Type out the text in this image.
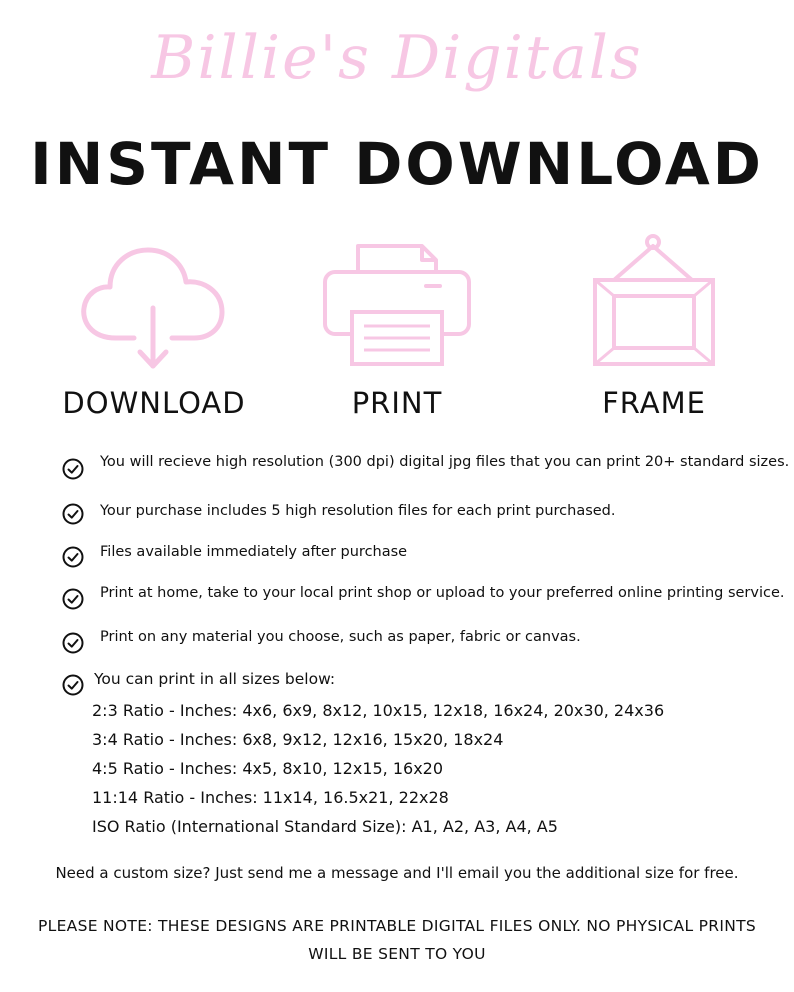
Billie's Digitals
INSTANT DOWNLOAD
DOWNLOAD	PRINT	FRAME
You will recieve high resolution (300 dpi) digital jpg files that you can print 20+ standard sizes.
Your purchase includes 5 high resolution files for each print purchased.
Files available immediately after purchase
Print at home, take to your local print shop or upload to your preferred online printing service.
Print on any material you choose, such as paper, fabric or canvas.
You can print in all sizes below:
2:3 Ratio - Inches: 4x6, 6x9, 8x12, 10x15, 12x18, 16x24, 20x30, 24x36
3:4 Ratio - Inches: 6x8, 9x12, 12x16, 15x20, 18x24
4:5 Ratio - Inches: 4x5, 8x10, 12x15, 16x20
11:14 Ratio - Inches: 11x14, 16.5x21, 22x28
ISO Ratio (International Standard Size): A1, A2, A3, A4, A5
Need a custom size? Just send me a message and I'll email you the additional size for free.
PLEASE NOTE: THESE DESIGNS ARE PRINTABLE DIGITAL FILES ONLY. NO PHYSICAL PRINTS WILL BE SENT TO YOU
